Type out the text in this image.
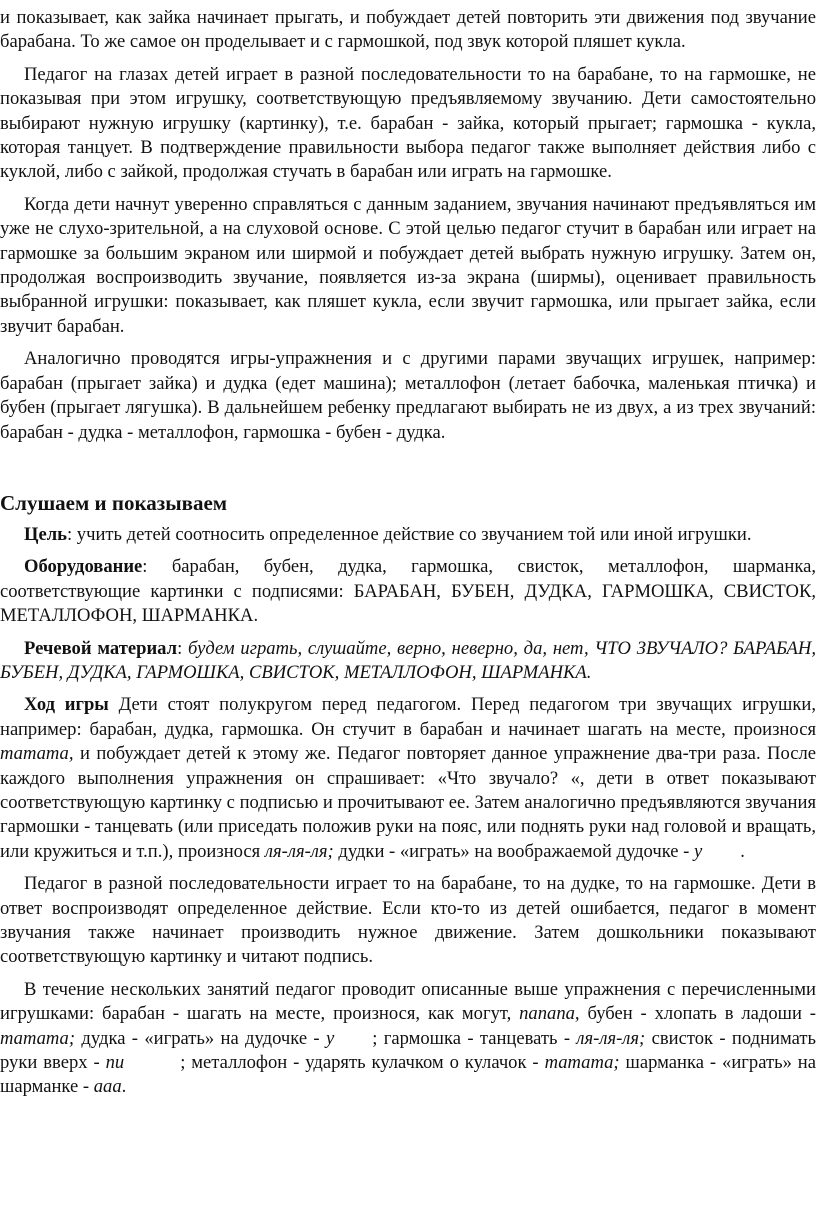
и показывает, как зайка начинает прыгать, и побуждает детей повторить эти движения под звучание барабана. То же самое он проделывает и с гармошкой, под звук которой пляшет кукла.

Педагог на глазах детей играет в разной последовательности то на барабане, то на гармошке, не показывая при этом игрушку, соответствующую предъявляемому звучанию. Дети самостоятельно выбирают нужную игрушку (картинку), т.е. барабан - зайка, который прыгает; гармошка - кукла, которая танцует. В подтверждение правильности выбора педагог также выполняет действия либо с куклой, либо с зайкой, продолжая стучать в барабан или играть на гармошке.

Когда дети начнут уверенно справляться с данным заданием, звучания начинают предъявляться им уже не слухо-зрительной, а на слуховой основе. С этой целью педагог стучит в барабан или играет на гармошке за большим экраном или ширмой и побуждает детей выбрать нужную игрушку. Затем он, продолжая воспроизводить звучание, появляется из-за экрана (ширмы), оценивает правильность выбранной игрушки: показывает, как пляшет кукла, если звучит гармошка, или прыгает зайка, если звучит барабан.

Аналогично проводятся игры-упражнения и с другими парами звучащих игрушек, например: барабан (прыгает зайка) и дудка (едет машина); металлофон (летает бабочка, маленькая птичка) и бубен (прыгает лягушка). В дальнейшем ребенку предлагают выбирать не из двух, а из трех звучаний: барабан - дудка - металлофон, гармошка - бубен - дудка.

Слушаем и показываем

Цель: учить детей соотносить определенное действие со звучанием той или иной игрушки.

Оборудование: барабан, бубен, дудка, гармошка, свисток, металлофон, шарманка, соответствующие картинки с подписями: БАРАБАН, БУБЕН, ДУДКА, ГАРМОШКА, СВИСТОК, МЕТАЛЛОФОН, ШАРМАНКА.

Речевой материал: будем играть, слушайте, верно, неверно, да, нет, ЧТО ЗВУЧАЛО? БАРАБАН, БУБЕН, ДУДКА, ГАРМОШКА, СВИСТОК, МЕТАЛЛОФОН, ШАРМАНКА.

Ход игры Дети стоят полукругом перед педагогом. Перед педагогом три звучащих игрушки, например: барабан, дудка, гармошка. Он стучит в барабан и начинает шагать на месте, произнося татата, и побуждает детей к этому же. Педагог повторяет данное упражнение два-три раза. После каждого выполнения упражнения он спрашивает: «Что звучало? «, дети в ответ показывают соответствующую картинку с подписью и прочитывают ее. Затем аналогично предъявляются звучания гармошки - танцевать (или приседать положив руки на пояс, или поднять руки над головой и вращать, или кружиться и т.п.), произнося ля-ля-ля; дудки - «играть» на воображаемой дудочке - у .

Педагог в разной последовательности играет то на барабане, то на дудке, то на гармошке. Дети в ответ воспроизводят определенное действие. Если кто-то из детей ошибается, педагог в момент звучания также начинает производить нужное движение. Затем дошкольники показывают соответствующую картинку и читают подпись.

В течение нескольких занятий педагог проводит описанные выше упражнения с перечисленными игрушками: барабан - шагать на месте, произнося, как могут, папапа, бубен - хлопать в ладоши - татата; дудка - «играть» на дудочке - у ; гармошка - танцевать - ля-ля-ля; свисток - поднимать руки вверх - пи	; металлофон - ударять кулачком о кулачок - татата; шарманка - «играть» на шарманке - ааа.
